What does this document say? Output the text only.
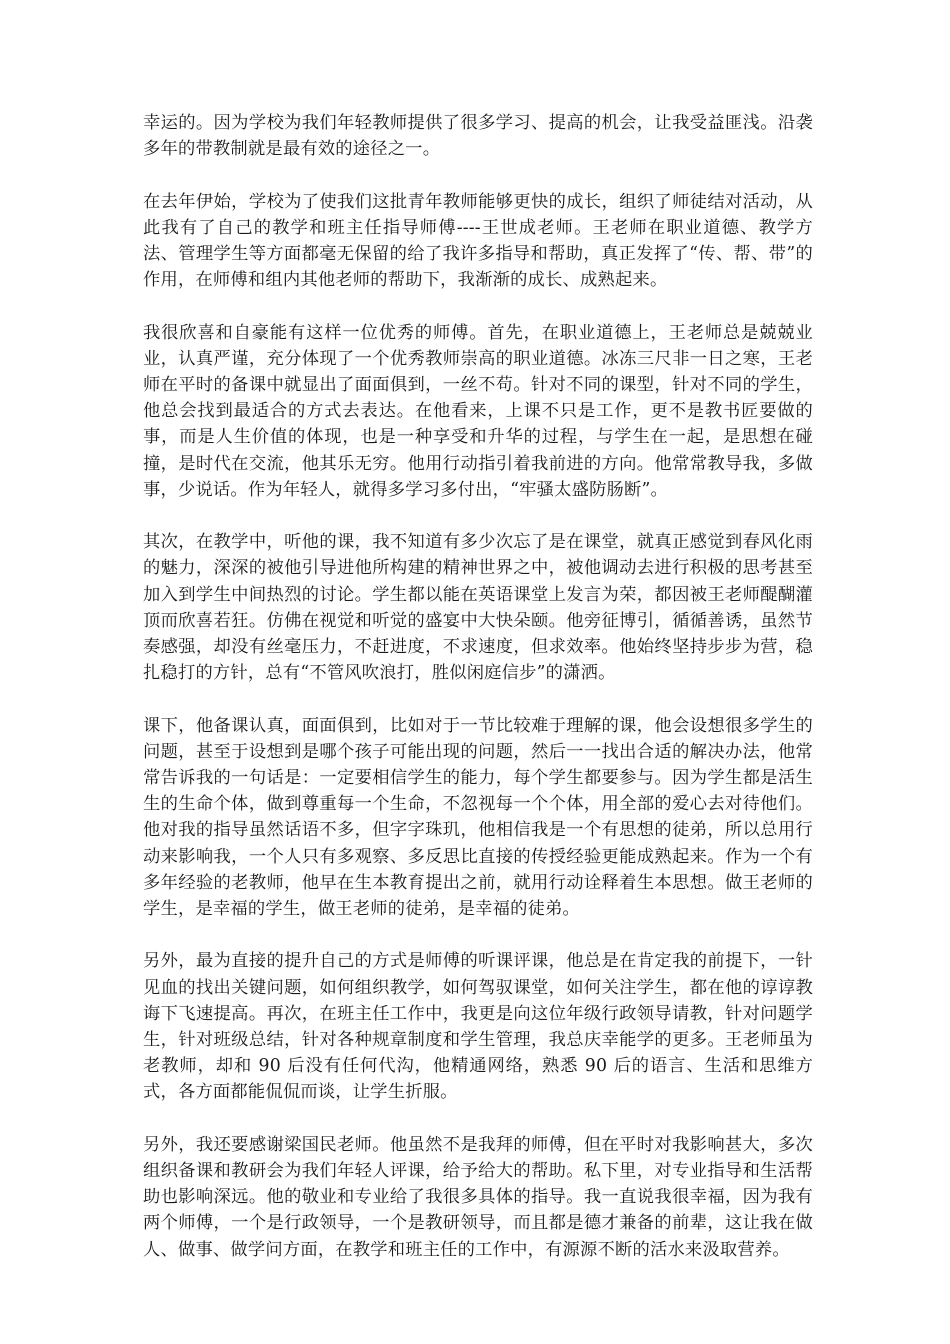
幸运的。因为学校为我们年轻教师提供了很多学习、提高的机会，让我受益匪浅。沿袭多年的带教制就是最有效的途径之一。

在去年伊始，学校为了使我们这批青年教师能够更快的成长，组织了师徒结对活动，从此我有了自己的教学和班主任指导师傅----王世成老师。王老师在职业道德、教学方法、管理学生等方面都毫无保留的给了我许多指导和帮助，真正发挥了“传、帮、带”的作用，在师傅和组内其他老师的帮助下，我渐渐的成长、成熟起来。

我很欣喜和自豪能有这样一位优秀的师傅。首先，在职业道德上，王老师总是兢兢业业，认真严谨，充分体现了一个优秀教师崇高的职业道德。冰冻三尺非一日之寒，王老师在平时的备课中就显出了面面俱到，一丝不苟。针对不同的课型，针对不同的学生，他总会找到最适合的方式去表达。在他看来，上课不只是工作，更不是教书匠要做的事，而是人生价值的体现，也是一种享受和升华的过程，与学生在一起，是思想在碰撞，是时代在交流，他其乐无穷。他用行动指引着我前进的方向。他常常教导我，多做事，少说话。作为年轻人，就得多学习多付出，“牢骚太盛防肠断”。

其次，在教学中，听他的课，我不知道有多少次忘了是在课堂，就真正感觉到春风化雨的魅力，深深的被他引导进他所构建的精神世界之中，被他调动去进行积极的思考甚至加入到学生中间热烈的讨论。学生都以能在英语课堂上发言为荣，都因被王老师醍醐灌顶而欣喜若狂。仿佛在视觉和听觉的盛宴中大快朵颐。他旁征博引，循循善诱，虽然节奏感强，却没有丝毫压力，不赶进度，不求速度，但求效率。他始终坚持步步为营，稳扎稳打的方针，总有“不管风吹浪打，胜似闲庭信步”的潇洒。

课下，他备课认真，面面俱到，比如对于一节比较难于理解的课，他会设想很多学生的问题，甚至于设想到是哪个孩子可能出现的问题，然后一一找出合适的解决办法，他常常告诉我的一句话是：一定要相信学生的能力，每个学生都要参与。因为学生都是活生生的生命个体，做到尊重每一个生命，不忽视每一个个体，用全部的爱心去对待他们。他对我的指导虽然话语不多，但字字珠玑，他相信我是一个有思想的徒弟，所以总用行动来影响我，一个人只有多观察、多反思比直接的传授经验更能成熟起来。作为一个有多年经验的老教师，他早在生本教育提出之前，就用行动诠释着生本思想。做王老师的学生，是幸福的学生，做王老师的徒弟，是幸福的徒弟。

另外，最为直接的提升自己的方式是师傅的听课评课，他总是在肯定我的前提下，一针见血的找出关键问题，如何组织教学，如何驾驭课堂，如何关注学生，都在他的谆谆教诲下飞速提高。再次，在班主任工作中，我更是向这位年级行政领导请教，针对问题学生，针对班级总结，针对各种规章制度和学生管理，我总庆幸能学的更多。王老师虽为老教师，却和 90 后没有任何代沟，他精通网络，熟悉 90 后的语言、生活和思维方式，各方面都能侃侃而谈，让学生折服。

另外，我还要感谢梁国民老师。他虽然不是我拜的师傅，但在平时对我影响甚大，多次组织备课和教研会为我们年轻人评课，给予给大的帮助。私下里，对专业指导和生活帮助也影响深远。他的敬业和专业给了我很多具体的指导。我一直说我很幸福，因为我有两个师傅，一个是行政领导，一个是教研领导，而且都是德才兼备的前辈，这让我在做人、做事、做学问方面，在教学和班主任的工作中，有源源不断的活水来汲取营养。
